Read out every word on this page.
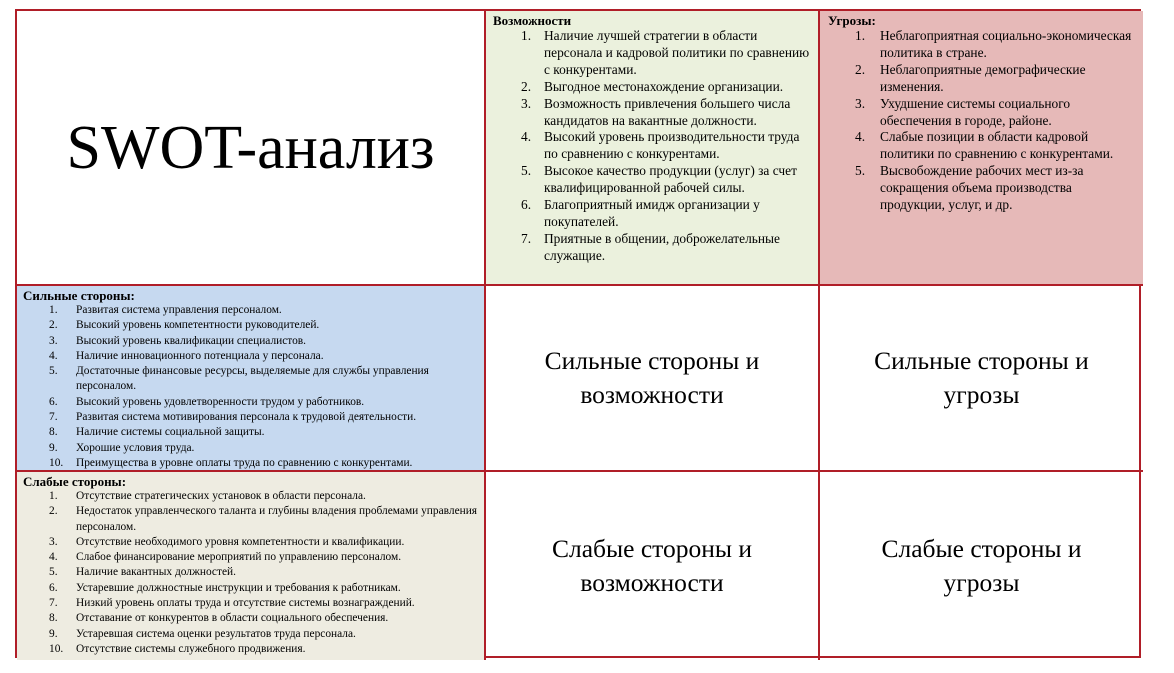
SWOT-анализ

Возможности

1. Наличие лучшей стратегии в области персонала и кадровой политики по сравнению с конкурентами.
2. Выгодное местонахождение организации.
3. Возможность привлечения большего числа кандидатов на вакантные должности.
4. Высокий уровень производительности труда по сравнению с конкурентами.
5. Высокое качество продукции (услуг) за счет квалифицированной рабочей силы.
6. Благоприятный имидж организации у покупателей.
7. Приятные в общении, доброжелательные служащие.

Угрозы:

1. Неблагоприятная социально-экономическая политика в стране.
2. Неблагоприятные демографические изменения.
3. Ухудшение системы социального обеспечения в городе, районе.
4. Слабые позиции в области кадровой политики по сравнению с конкурентами.
5. Высвобождение рабочих мест из-за сокращения объема производства продукции, услуг, и др.

Сильные стороны:

1. Развитая система управления персоналом.
2. Высокий уровень компетентности руководителей.
3. Высокий уровень квалификации специалистов.
4. Наличие инновационного потенциала у персонала.
5. Достаточные финансовые ресурсы, выделяемые для службы управления персоналом.
6. Высокий уровень удовлетворенности трудом у работников.
7. Развитая система мотивирования персонала к трудовой деятельности.
8. Наличие системы социальной защиты.
9. Хорошие условия труда.
10. Преимущества в уровне оплаты труда по сравнению с конкурентами.
Сильные стороны и
возможности
Сильные стороны и
угрозы

Слабые стороны:

1. Отсутствие стратегических установок в области персонала.
2. Недостаток управленческого таланта и глубины владения проблемами управления персоналом.
3. Отсутствие необходимого уровня компетентности и квалификации.
4. Слабое финансирование мероприятий по управлению персоналом.
5. Наличие вакантных должностей.
6. Устаревшие должностные инструкции и требования к работникам.
7. Низкий уровень оплаты труда и отсутствие системы вознаграждений.
8. Отставание от конкурентов в области социального обеспечения.
9. Устаревшая система оценки результатов труда персонала.
10. Отсутствие системы служебного продвижения.
Слабые стороны и
возможности
Слабые стороны и
угрозы
